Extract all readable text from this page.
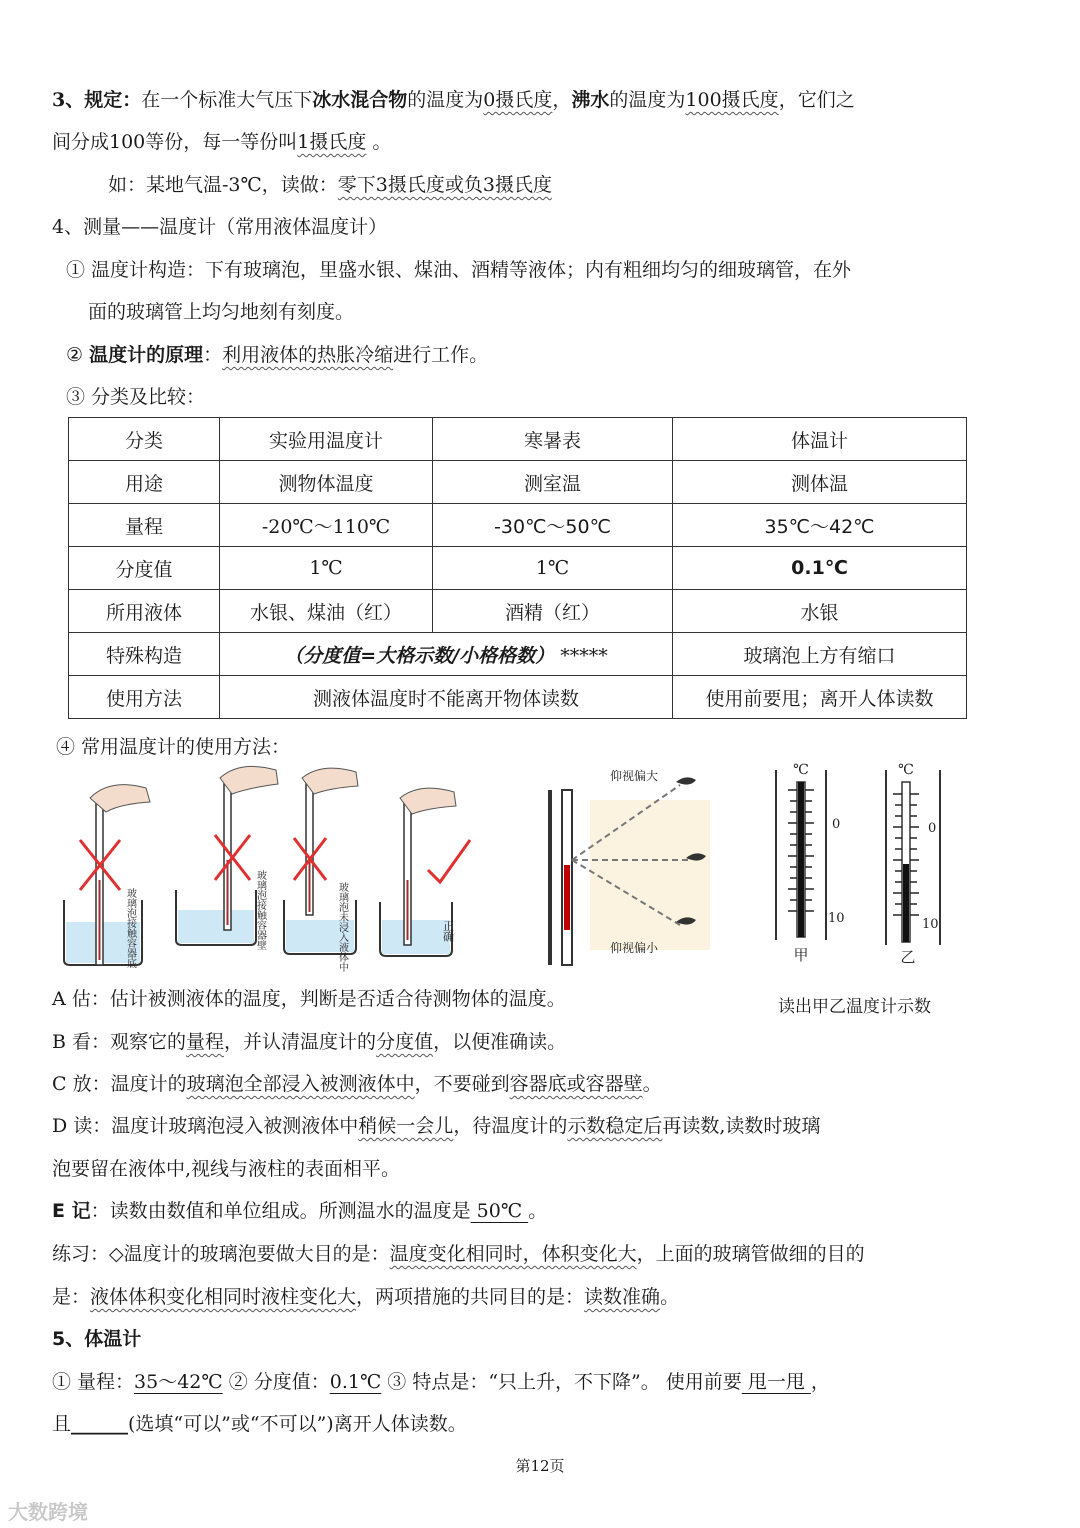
3、规定：在一个标准大气压下冰水混合物的温度为0摄氏度，沸水的温度为100摄氏度，它们之
间分成100等份，每一等份叫1摄氏度 。
如：某地气温-3℃，读做：零下3摄氏度或负3摄氏度
4、测量——温度计（常用液体温度计）
① 温度计构造：下有玻璃泡，里盛水银、煤油、酒精等液体；内有粗细均匀的细玻璃管，在外
面的玻璃管上均匀地刻有刻度。
② 温度计的原理：利用液体的热胀冷缩进行工作。
③ 分类及比较：
分类	实验用温度计	寒暑表	体温计
用途	测物体温度	测室温	测体温
量程	-20℃～110℃	-30℃～50℃	35℃～42℃
分度值	1℃	1℃	0.1℃
所用液体	水银、煤油（红）	酒精（红）	水银
特殊构造	（分度值=大格示数/小格格数） *****		玻璃泡上方有缩口
使用方法	测液体温度时不能离开物体读数		使用前要甩；离开人体读数
④ 常用温度计的使用方法：
玻璃泡接触容器底	玻璃泡接触容器壁	玻璃泡未浸入液体中	正确
仰视偏大
仰视偏小
℃
0
10
甲
℃
0
10
乙
读出甲乙温度计示数
A 估：估计被测液体的温度，判断是否适合待测物体的温度。
B 看：观察它的量程，并认清温度计的分度值，以便准确读。
C 放：温度计的玻璃泡全部浸入被测液体中，不要碰到容器底或容器壁。
D 读：温度计玻璃泡浸入被测液体中稍候一会儿，待温度计的示数稳定后再读数,读数时玻璃
泡要留在液体中,视线与液柱的表面相平。
E 记：读数由数值和单位组成。所测温水的温度是 50℃ 。
练习：◇温度计的玻璃泡要做大目的是：温度变化相同时，体积变化大，上面的玻璃管做细的目的
是：液体体积变化相同时液柱变化大，两项措施的共同目的是：读数准确。
5、体温计
① 量程：35～42℃ ② 分度值：0.1℃ ③ 特点是：“只上升，不下降”。 使用前要 甩一甩 ，
且______(选填“可以”或“不可以”)离开人体读数。
第12页
大数跨境
